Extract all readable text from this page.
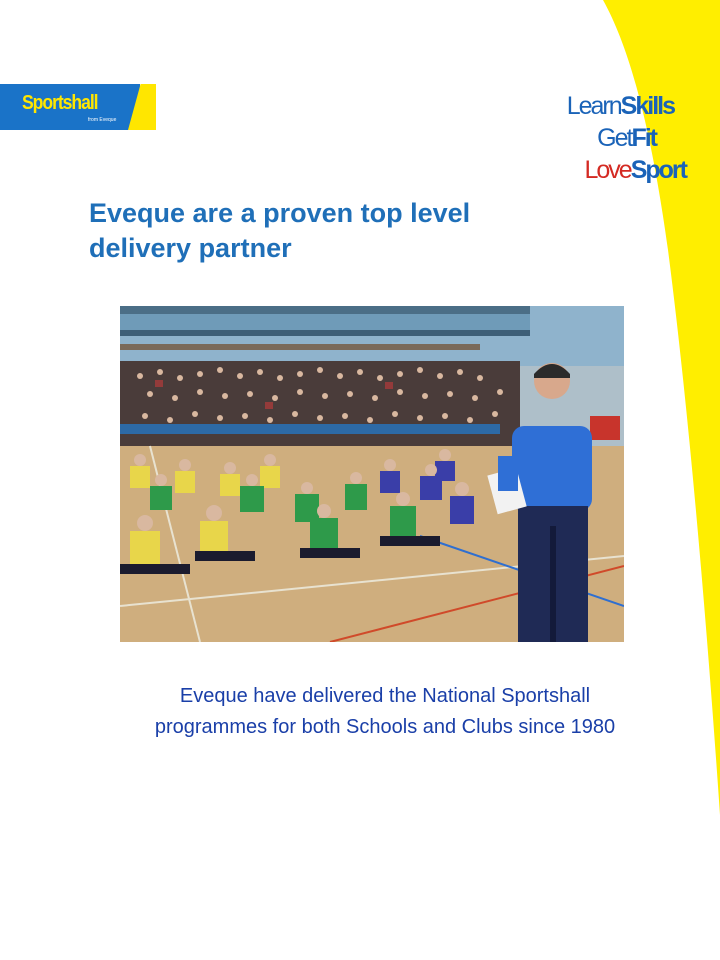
Sportshall
from Eveque	LearnSkills
GetFit
LoveSport
Eveque are a proven top level delivery partner

Eveque have delivered the National Sportshall programmes for both Schools and Clubs since 1980
